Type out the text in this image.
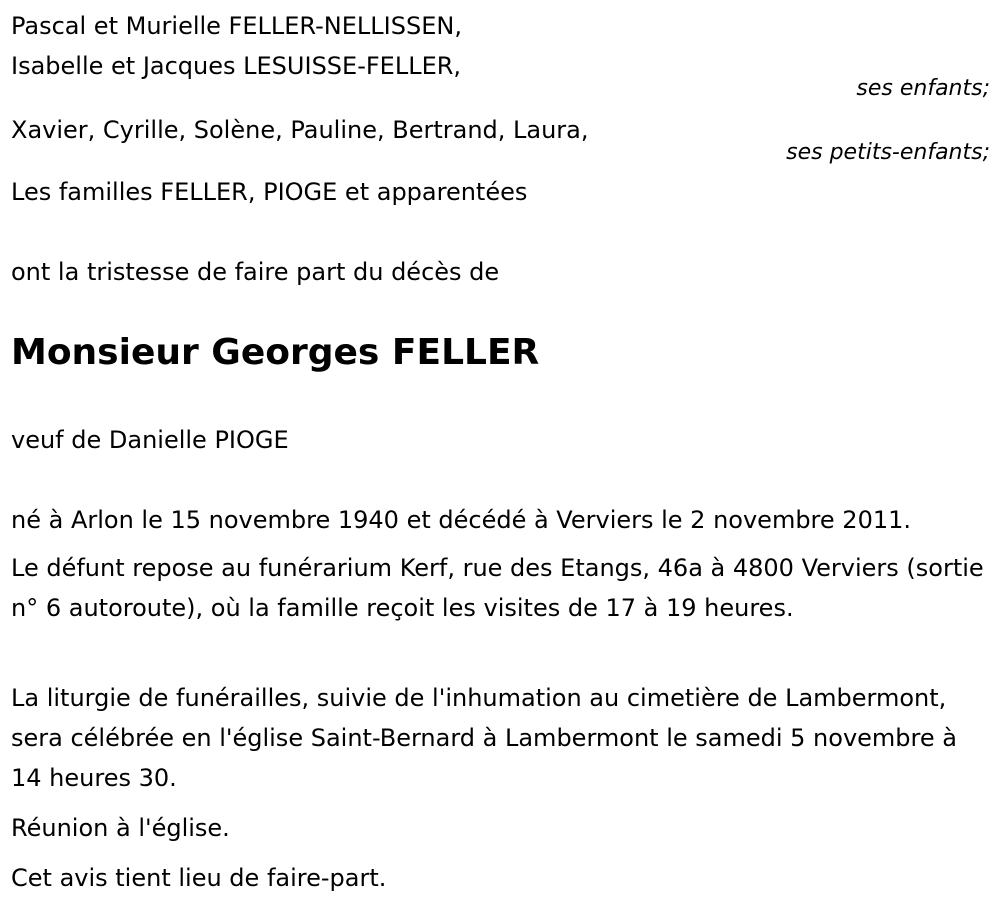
Pascal et Murielle FELLER-NELLISSEN,
Isabelle et Jacques LESUISSE-FELLER,
ses enfants;
Xavier, Cyrille, Solène, Pauline, Bertrand, Laura,
ses petits-enfants;
Les familles FELLER, PIOGE et apparentées
ont la tristesse de faire part du décès de
Monsieur Georges FELLER
veuf de Danielle PIOGE
né à Arlon le 15 novembre 1940 et décédé à Verviers le 2 novembre 2011.
Le défunt repose au funérarium Kerf, rue des Etangs, 46a à 4800 Verviers (sortie n° 6 autoroute), où la famille reçoit les visites de 17 à 19 heures.
La liturgie de funérailles, suivie de l'inhumation au cimetière de Lambermont, sera célébrée en l'église Saint-Bernard à Lambermont le samedi 5 novembre à 14 heures 30.
Réunion à l'église.
Cet avis tient lieu de faire-part.
